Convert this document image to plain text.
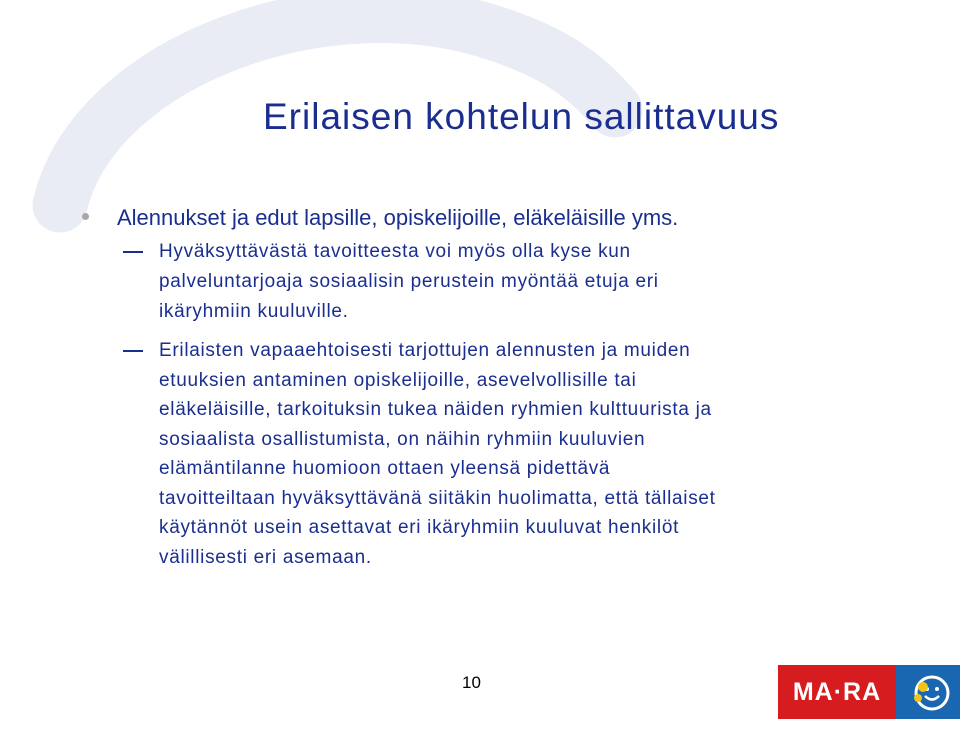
Erilaisen kohtelun sallittavuus
Alennukset ja edut lapsille, opiskelijoille, eläkeläisille yms.
Hyväksyttävästä tavoitteesta voi myös olla kyse kun
palveluntarjoaja sosiaalisin perustein myöntää etuja eri
ikäryhmiin kuuluville.
Erilaisten vapaaehtoisesti tarjottujen alennusten ja muiden
etuuksien antaminen opiskelijoille, asevelvollisille tai
eläkeläisille, tarkoituksin tukea näiden ryhmien kulttuurista ja
sosiaalista osallistumista, on näihin ryhmiin kuuluvien
elämäntilanne huomioon ottaen yleensä pidettävä
tavoitteiltaan hyväksyttävänä siitäkin huolimatta, että tällaiset
käytännöt usein asettavat eri ikäryhmiin kuuluvat henkilöt
välillisesti eri asemaan.
10	MA·RA
